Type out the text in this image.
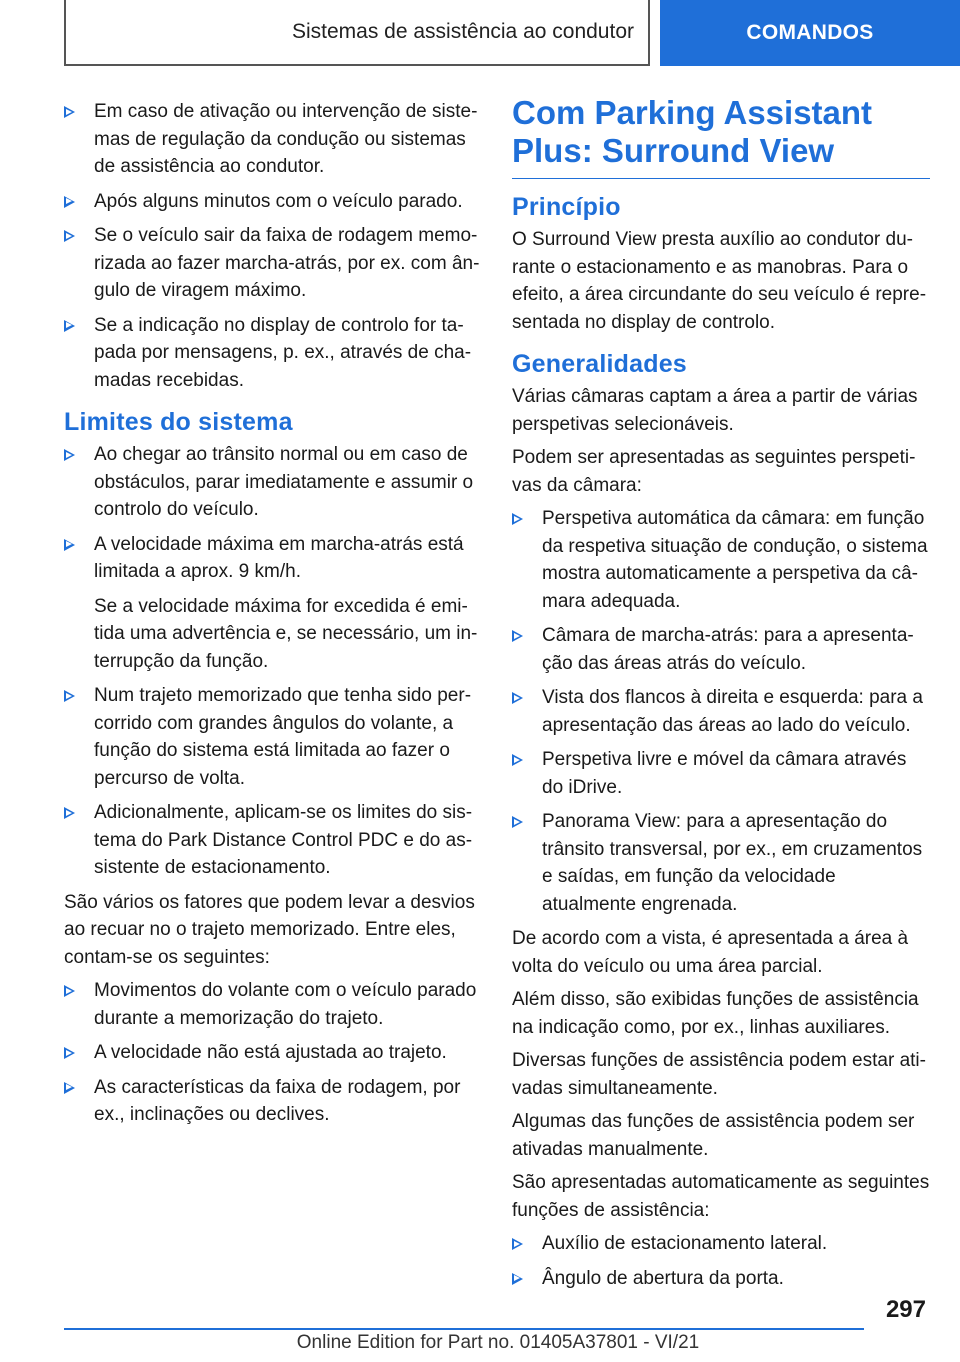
Sistemas de assistência ao condutor	COMANDOS
Em caso de ativação ou intervenção de sistemas de regulação da condução ou sistemas de assistência ao condutor.
Após alguns minutos com o veículo parado.
Se o veículo sair da faixa de rodagem memorizada ao fazer marcha-atrás, por ex. com ângulo de viragem máximo.
Se a indicação no display de controlo for tapada por mensagens, p. ex., através de chamadas recebidas.
Limites do sistema
Ao chegar ao trânsito normal ou em caso de obstáculos, parar imediatamente e assumir o controlo do veículo.
A velocidade máxima em marcha-atrás está limitada a aprox. 9 km/h.
Se a velocidade máxima for excedida é emitida uma advertência e, se necessário, um interrupção da função.
Num trajeto memorizado que tenha sido percorrido com grandes ângulos do volante, a função do sistema está limitada ao fazer o percurso de volta.
Adicionalmente, aplicam-se os limites do sistema do Park Distance Control PDC e do assistente de estacionamento.
São vários os fatores que podem levar a desvios ao recuar no o trajeto memorizado. Entre eles, contam-se os seguintes:
Movimentos do volante com o veículo parado durante a memorização do trajeto.
A velocidade não está ajustada ao trajeto.
As características da faixa de rodagem, por ex., inclinações ou declives.
Com Parking Assistant Plus: Surround View
Princípio
O Surround View presta auxílio ao condutor durante o estacionamento e as manobras. Para o efeito, a área circundante do seu veículo é representada no display de controlo.
Generalidades
Várias câmaras captam a área a partir de várias perspetivas selecionáveis.
Podem ser apresentadas as seguintes perspetivas da câmara:
Perspetiva automática da câmara: em função da respetiva situação de condução, o sistema mostra automaticamente a perspetiva da câmara adequada.
Câmara de marcha-atrás: para a apresentação das áreas atrás do veículo.
Vista dos flancos à direita e esquerda: para a apresentação das áreas ao lado do veículo.
Perspetiva livre e móvel da câmara através do iDrive.
Panorama View: para a apresentação do trânsito transversal, por ex., em cruzamentos e saídas, em função da velocidade atualmente engrenada.
De acordo com a vista, é apresentada a área à volta do veículo ou uma área parcial.
Além disso, são exibidas funções de assistência na indicação como, por ex., linhas auxiliares.
Diversas funções de assistência podem estar ativadas simultaneamente.
Algumas das funções de assistência podem ser ativadas manualmente.
São apresentadas automaticamente as seguintes funções de assistência:
Auxílio de estacionamento lateral.
Ângulo de abertura da porta.
297
Online Edition for Part no. 01405A37801 - VI/21
